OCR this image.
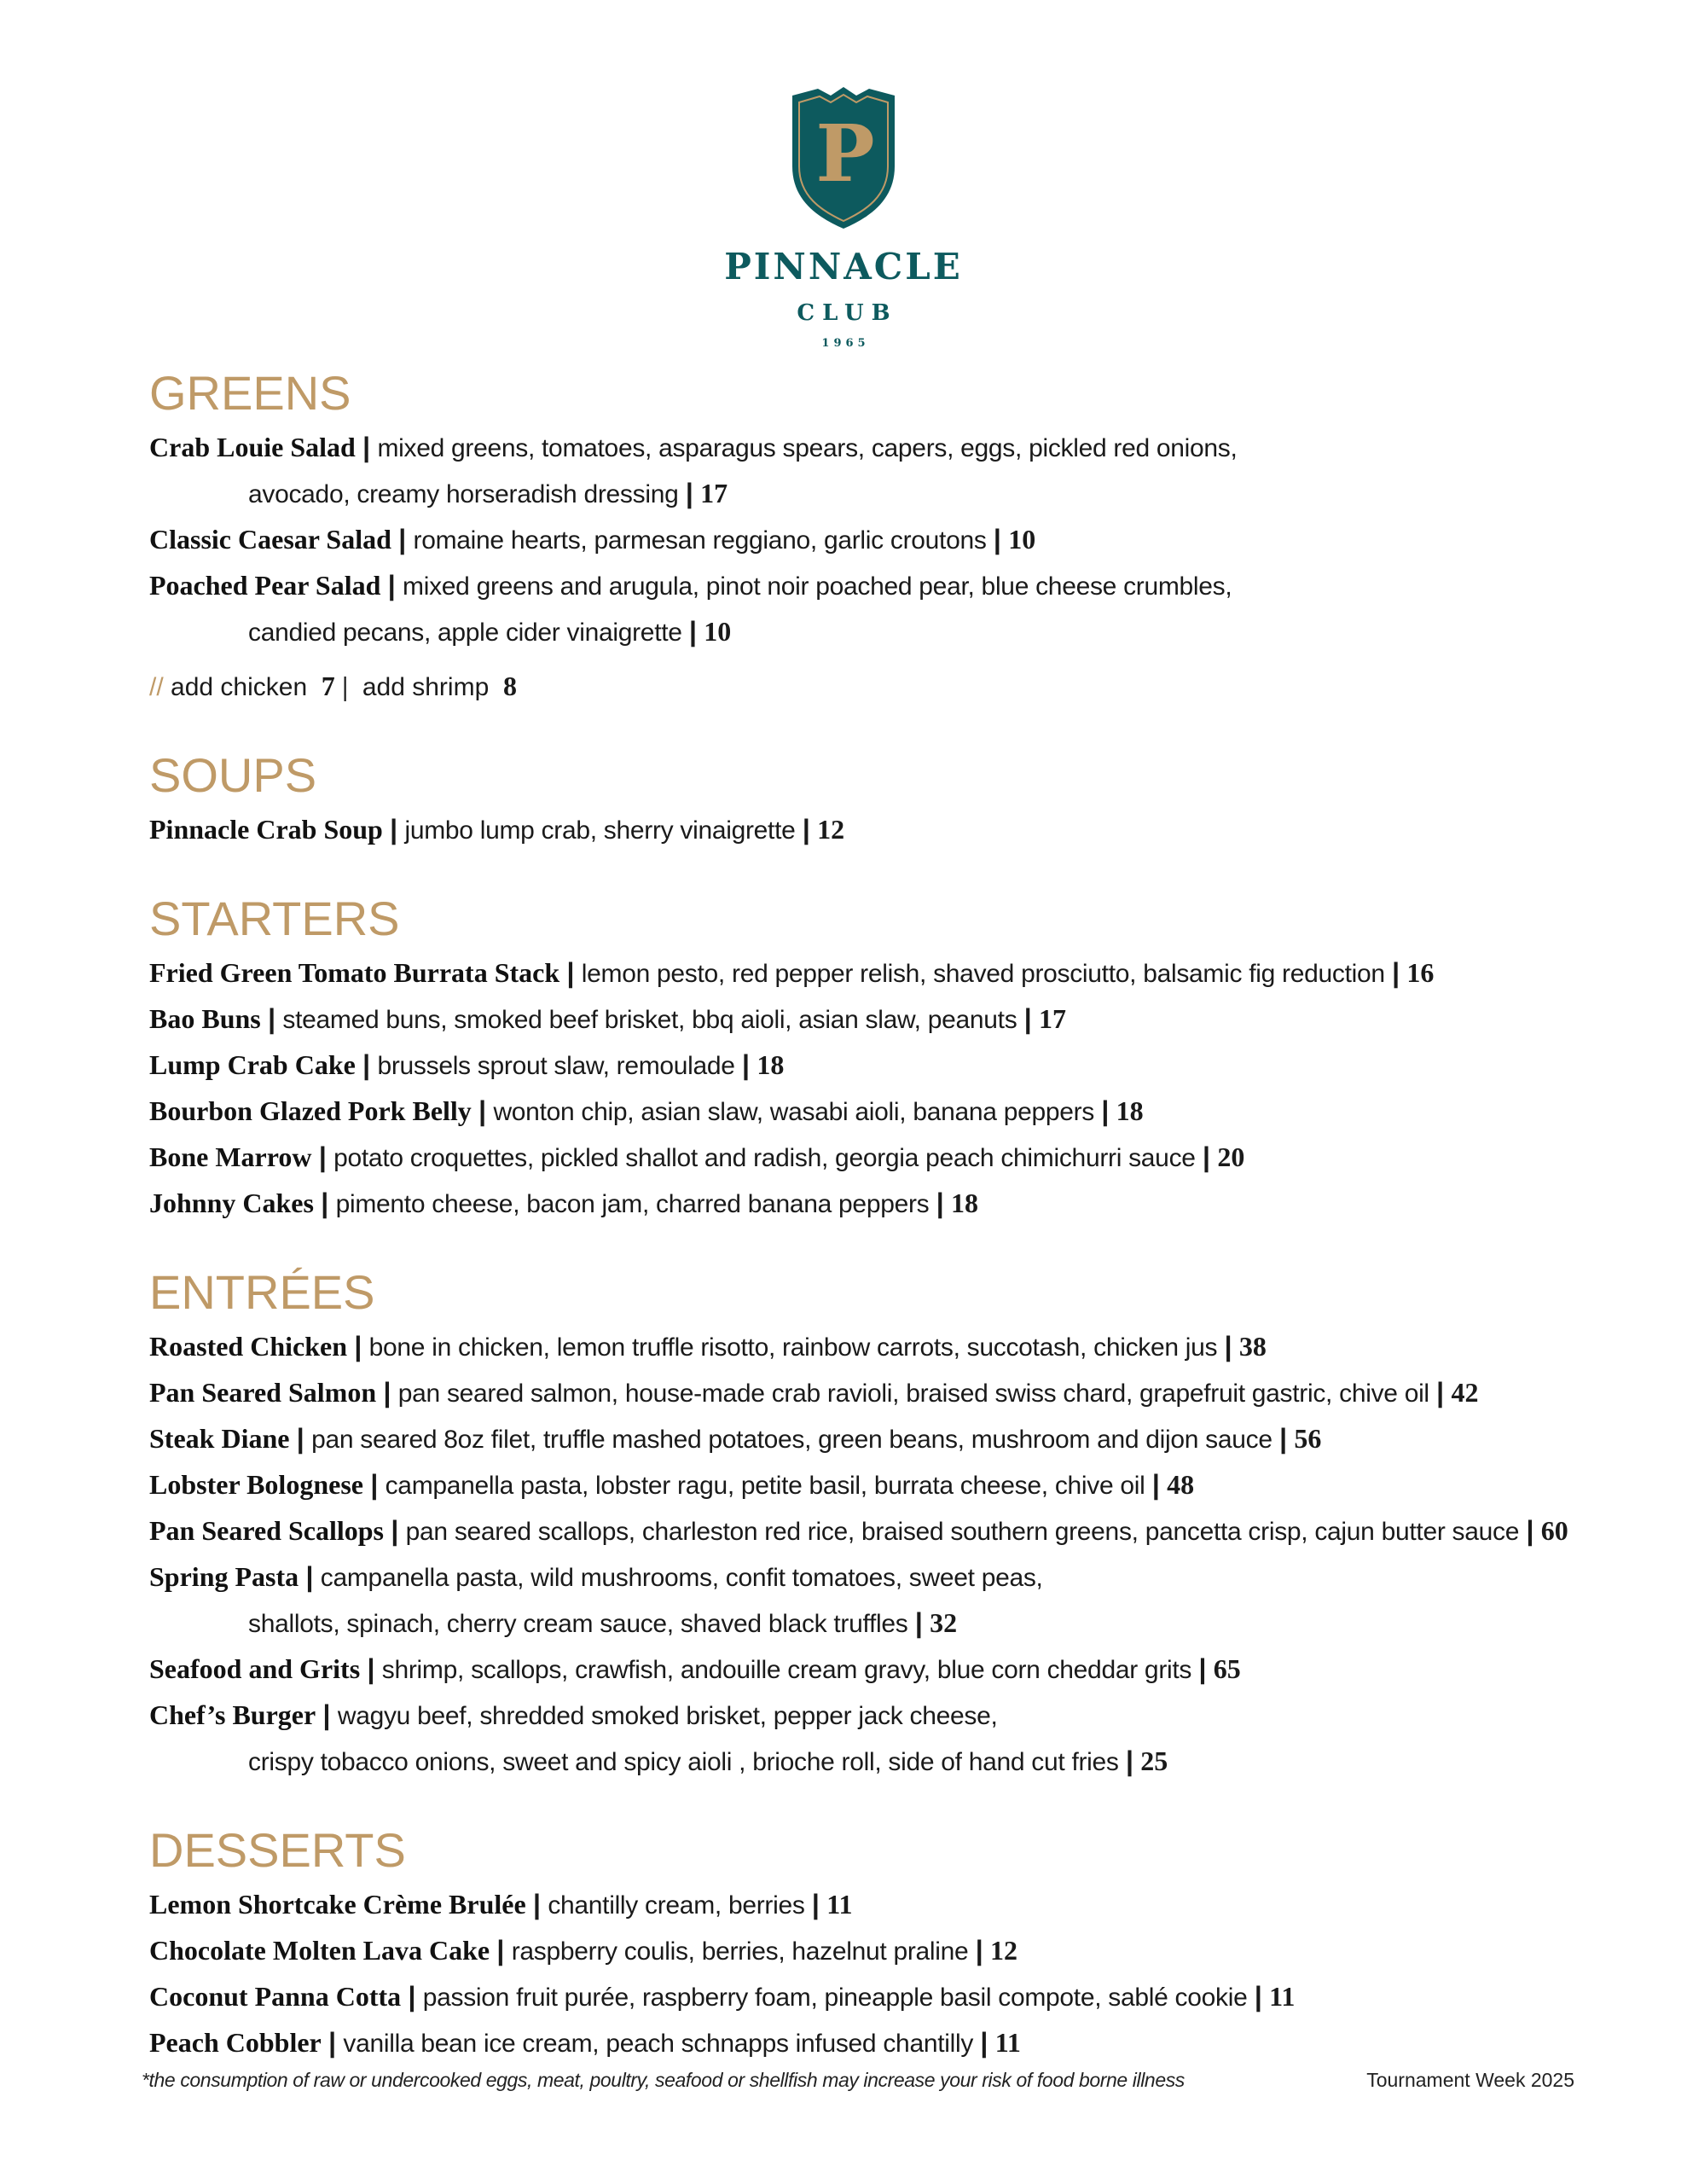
P
PINNACLE
CLUB
1965
GREENS
Crab Louie Salad | mixed greens, tomatoes, asparagus spears, capers, eggs, pickled red onions,
avocado, creamy horseradish dressing | 17
Classic Caesar Salad | romaine hearts, parmesan reggiano, garlic croutons | 10
Poached Pear Salad | mixed greens and arugula, pinot noir poached pear, blue cheese crumbles,
candied pecans, apple cider vinaigrette | 10
// add chicken 7 | add shrimp 8
SOUPS
Pinnacle Crab Soup | jumbo lump crab, sherry vinaigrette | 12
STARTERS
Fried Green Tomato Burrata Stack | lemon pesto, red pepper relish, shaved prosciutto, balsamic fig reduction | 16
Bao Buns | steamed buns, smoked beef brisket, bbq aioli, asian slaw, peanuts | 17
Lump Crab Cake | brussels sprout slaw, remoulade | 18
Bourbon Glazed Pork Belly | wonton chip, asian slaw, wasabi aioli, banana peppers | 18
Bone Marrow | potato croquettes, pickled shallot and radish, georgia peach chimichurri sauce | 20
Johnny Cakes | pimento cheese, bacon jam, charred banana peppers | 18
ENTRÉES
Roasted Chicken | bone in chicken, lemon truffle risotto, rainbow carrots, succotash, chicken jus | 38
Pan Seared Salmon | pan seared salmon, house-made crab ravioli, braised swiss chard, grapefruit gastric, chive oil | 42
Steak Diane | pan seared 8oz filet, truffle mashed potatoes, green beans, mushroom and dijon sauce | 56
Lobster Bolognese | campanella pasta, lobster ragu, petite basil, burrata cheese, chive oil | 48
Pan Seared Scallops | pan seared scallops, charleston red rice, braised southern greens, pancetta crisp, cajun butter sauce | 60
Spring Pasta | campanella pasta, wild mushrooms, confit tomatoes, sweet peas,
shallots, spinach, cherry cream sauce, shaved black truffles | 32
Seafood and Grits | shrimp, scallops, crawfish, andouille cream gravy, blue corn cheddar grits | 65
Chef’s Burger | wagyu beef, shredded smoked brisket, pepper jack cheese,
crispy tobacco onions, sweet and spicy aioli , brioche roll, side of hand cut fries | 25
DESSERTS
Lemon Shortcake Crème Brulée | chantilly cream, berries | 11
Chocolate Molten Lava Cake | raspberry coulis, berries, hazelnut praline | 12
Coconut Panna Cotta | passion fruit purée, raspberry foam, pineapple basil compote, sablé cookie | 11
Peach Cobbler | vanilla bean ice cream, peach schnapps infused chantilly | 11
*the consumption of raw or undercooked eggs, meat, poultry, seafood or shellfish may increase your risk of food borne illness	Tournament Week 2025
